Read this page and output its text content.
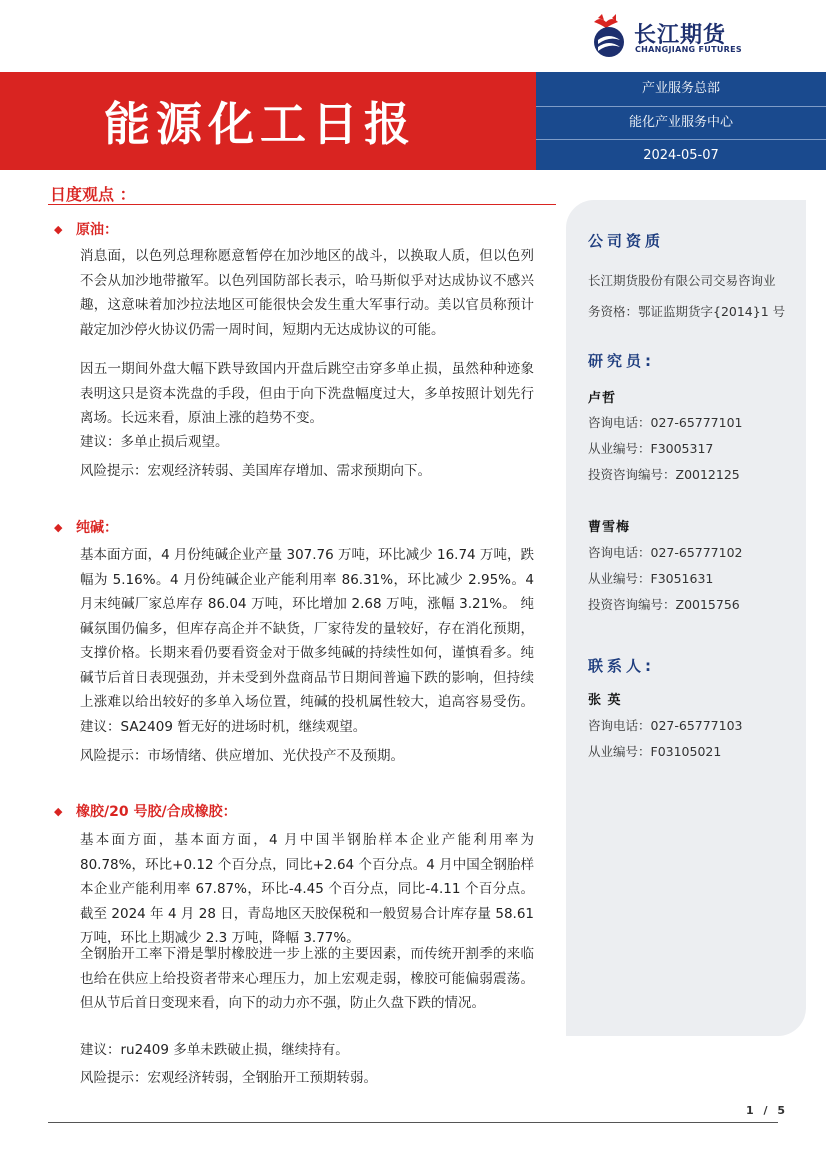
长江期货
CHANGJIANG FUTURES
能源化工日报
产业服务总部
能化产业服务中心
2024-05-07
日度观点 ：
◆ 原油：
消息面，以色列总理称愿意暂停在加沙地区的战斗，以换取人质，但以色列不会从加沙地带撤军。以色列国防部长表示，哈马斯似乎对达成协议不感兴趣，这意味着加沙拉法地区可能很快会发生重大军事行动。美以官员称预计敲定加沙停火协议仍需一周时间，短期内无达成协议的可能。
因五一期间外盘大幅下跌导致国内开盘后跳空击穿多单止损，虽然种种迹象表明这只是资本洗盘的手段，但由于向下洗盘幅度过大，多单按照计划先行离场。长远来看，原油上涨的趋势不变。
建议：多单止损后观望。
风险提示：宏观经济转弱、美国库存增加、需求预期向下。
◆ 纯碱：
基本面方面，4 月份纯碱企业产量 307.76 万吨，环比减少 16.74 万吨，跌幅为 5.16%。4 月份纯碱企业产能利用率 86.31%，环比减少 2.95%。4 月末纯碱厂家总库存 86.04 万吨，环比增加 2.68 万吨，涨幅 3.21%。 纯碱氛围仍偏多，但库存高企并不缺货，厂家待发的量较好，存在消化预期，支撑价格。长期来看仍要看资金对于做多纯碱的持续性如何，谨慎看多。纯碱节后首日表现强劲，并未受到外盘商品节日期间普遍下跌的影响，但持续上涨难以给出较好的多单入场位置，纯碱的投机属性较大，追高容易受伤。 建议：SA2409 暂无好的进场时机，继续观望。
风险提示：市场情绪、供应增加、光伏投产不及预期。
◆ 橡胶/20 号胶/合成橡胶：
基本面方面，基本面方面，4 月中国半钢胎样本企业产能利用率为 80.78%，环比+0.12 个百分点，同比+2.64 个百分点。4 月中国全钢胎样本企业产能利用率 67.87%，环比-4.45 个百分点，同比-4.11 个百分点。 截至 2024 年 4 月 28 日，青岛地区天胶保税和一般贸易合计库存量 58.61 万吨，环比上期减少 2.3 万吨，降幅 3.77%。
全钢胎开工率下滑是掣肘橡胶进一步上涨的主要因素，而传统开割季的来临也给在供应上给投资者带来心理压力，加上宏观走弱，橡胶可能偏弱震荡。但从节后首日变现来看，向下的动力亦不强，防止久盘下跌的情况。
建议：ru2409 多单未跌破止损，继续持有。
风险提示：宏观经济转弱，全钢胎开工预期转弱。
公司资质
长江期货股份有限公司交易咨询业
务资格：鄂证监期货字{2014}1 号
研究员:
卢哲
咨询电话：027-65777101
从业编号：F3005317
投资咨询编号：Z0012125
曹雪梅
咨询电话：027-65777102
从业编号：F3051631
投资咨询编号：Z0015756
联系人:
张 英
咨询电话：027-65777103
从业编号：F03105021
1 / 5
